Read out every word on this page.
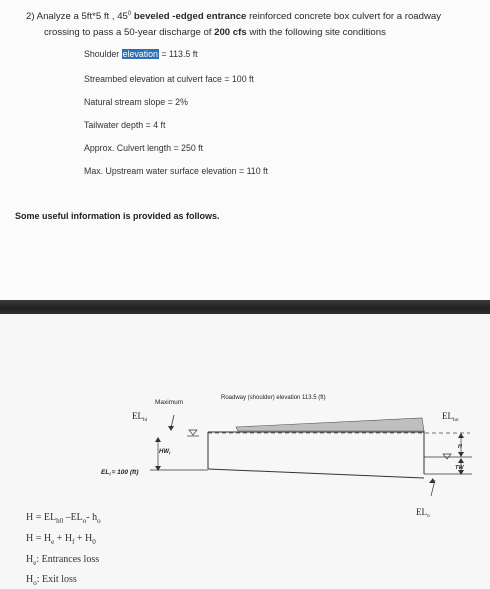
2) Analyze a 5ft*5 ft , $45^0$ beveled -edged entrance reinforced concrete box culvert for a roadway
crossing to pass a 50-year discharge of 200 cfs with the following site conditions
Shoulder elevation = 113.5 ft
Streambed elevation at culvert face = 100 ft
Natural stream slope = 2%
Tailwater depth = 4 ft
Approx. Culvert length = 250 ft
Max. Upstream water surface elevation = 110 ft
Some useful information is provided as follows.
Maximum
Roadway (shoulder) elevation 113.5 (ft)
$EL_{hi}$
$HW_i$
$EL_i= 100$ (ft)
$EL_{ho}$
H
TW
$EL_o$
$H = EL_{h0}$ $-EL_o-$ $h_o$
$H = H_e + H_f + H_0$
$H_e$: Entrances loss
$H_o$: Exit loss
